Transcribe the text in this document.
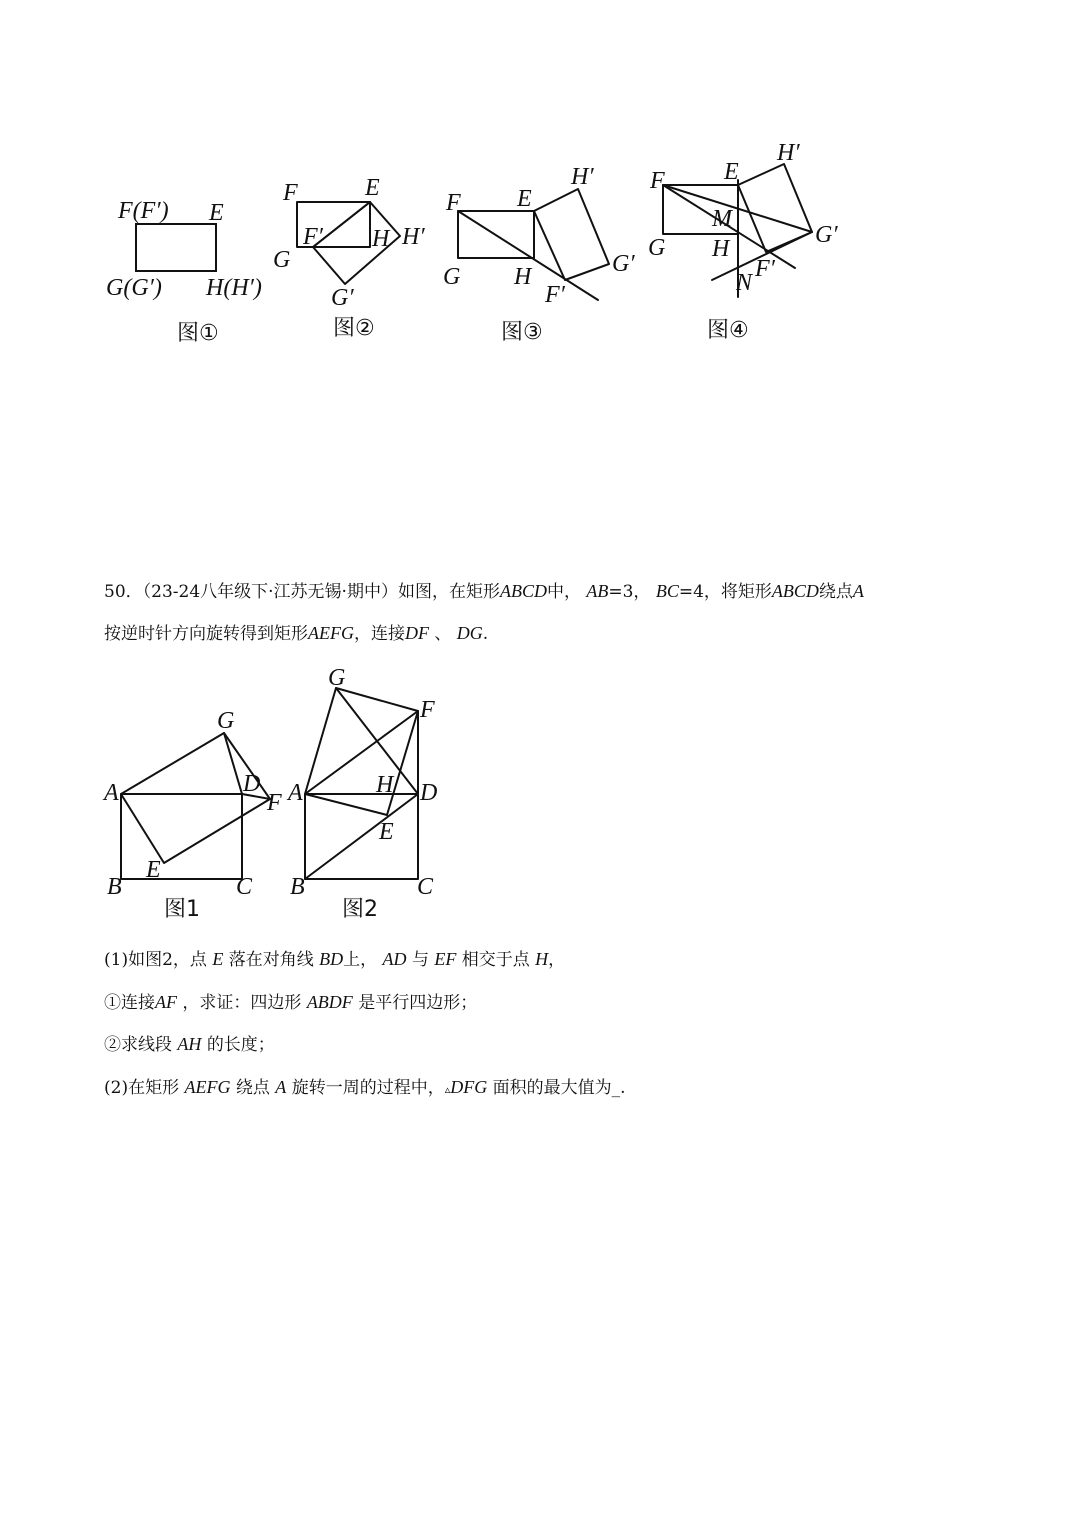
F(F′) E
G(G′) H(H′)
图①
F	E
G
F′ H H′
G′
图②
F E
H′
G H	G′
F′
图③
F E
H′
M
G H
G′
F′
N
图④
50．（23-24八年级下·江苏无锡·期中）如图，在矩形ABCD中， AB=3， BC=4，将矩形ABCD绕点A
按逆时针方向旋转得到矩形AEFG，连接DF 、 DG.
G
A	D
F
E
B	C
图1
G
F
A	H D
E
B	C
图2
(1)如图2，点 E 落在对角线 BD上， AD 与 EF 相交于点 H，
①连接AF ，求证：四边形 ABDF 是平行四边形；
②求线段 AH 的长度；
(2)在矩形 AEFG 绕点 A 旋转一周的过程中，▵DFG 面积的最大值为_.
